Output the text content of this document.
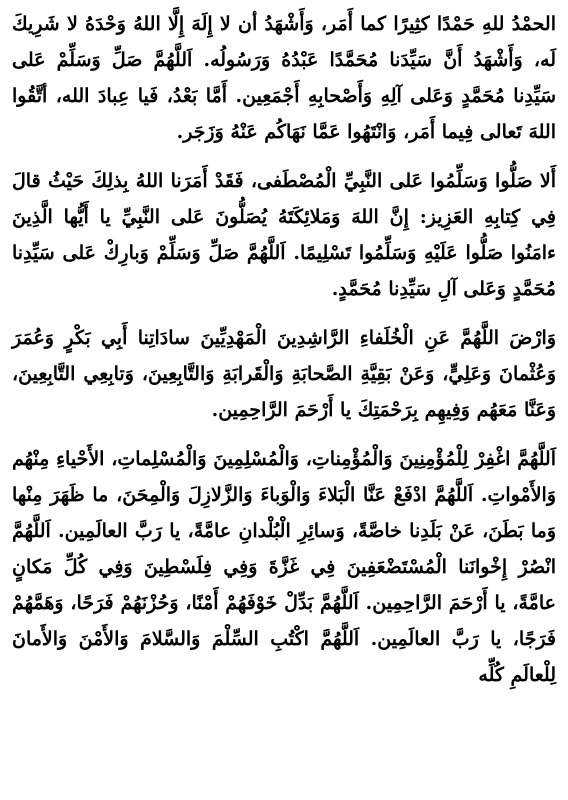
الحمْدُ للهِ حَمْدًا كثِيرًا كما أَمَر، وَأَشْهَدُ أن لا إِلَهَ إِلَّا اللهُ وَحْدَهُ لا شَرِيكَ لَه، وَأَشْهَدُ أَنَّ سَيِّدَنا مُحَمَّدًا عَبْدُهُ وَرَسُولُه. اَللَّهُمَّ صَلِّ وَسَلِّمْ عَلى سَيِّدِنا مُحَمَّدٍ وَعَلى آلِهِ وَأَصْحابِهِ أَجْمَعِين. أَمَّا بَعْدُ، فَيا عِبادَ الله، أتَّقُوا اللهَ تَعالى فِيما أَمَر، وَانْتَهُوا عَمَّا نَهَاكُم عَنْهُ وَزَجَر.

أَلا صَلُّوا وَسَلِّمُوا عَلى النَّبِيِّ الْمُصْطَفى، فَقَدْ أَمَرَنا اللهُ بِذلِكَ حَيْثُ قالَ فِي كِتابِهِ العَزِيز: إِنَّ اللهَ وَمَلائِكَتَهُ يُصَلُّونَ عَلى النَّبِيِّ يا أَيُّها الَّذِينَ ءامَنُوا صَلُّوا عَلَيْهِ وَسَلِّمُوا تَسْلِيمًا. اَللَّهُمَّ صَلِّ وَسَلِّمْ وَبارِكْ عَلى سَيِّدِنا مُحَمَّدٍ وَعَلى آلِ سَيِّدِنا مُحَمَّدٍ.

وَارْضَ اللَّهُمَّ عَنِ الْخُلَفاءِ الرَّاشِدِينَ الْمَهْدِيِّينَ سادَاتِنا أَبِي بَكْرٍ وَعُمَرَ وَعُثْمانَ وَعَلِيٍّ، وَعَنْ بَقِيَّةِ الصَّحابَةِ وَالْقَرابَةِ وَالتَّابِعِينَ، وَتابِعِي التَّابِعِينَ، وَعَنَّا مَعَهُم وَفِيهِم بِرَحْمَتِكَ يا أَرْحَمَ الرَّاحِمِين.

اَللَّهُمَّ اغْفِرْ لِلْمُؤْمِنِينَ وَالْمُؤْمِناتِ، وَالْمُسْلِمِينَ وَالْمُسْلِماتِ، الأَحْياءِ مِنْهُم وَالأَمْواتِ. اَللَّهُمَّ ادْفَعْ عَنَّا الْبَلاءَ وَالْوَباءَ وَالزَّلازِلَ وَالْمِحَنَ، ما ظَهَرَ مِنْها وَما بَطَنَ، عَنْ بَلَدِنا خاصَّةً، وَسائِرِ الْبُلْدانِ عامَّةً، يا رَبَّ العالَمِين. اَللَّهُمَّ انْصُرْ إِخْوانَنا الْمُسْتَضْعَفِينَ فِي غَزَّةَ وَفِي فِلَسْطِينَ وَفِي كُلِّ مَكانٍ عامَّةً، يا أَرْحَمَ الرَّاحِمِين. اَللَّهُمَّ بَدِّلْ خَوْفَهُمْ أَمْنًا، وَحُزْنَهُمْ فَرَحًا، وَهَمَّهُمْ فَرَجًا، يا رَبَّ العالَمِين. اَللَّهُمَّ اكْتُبِ السِّلْمَ وَالسَّلامَ وَالأَمْنَ وَالأَمانَ لِلْعالَمِ كُلِّه
